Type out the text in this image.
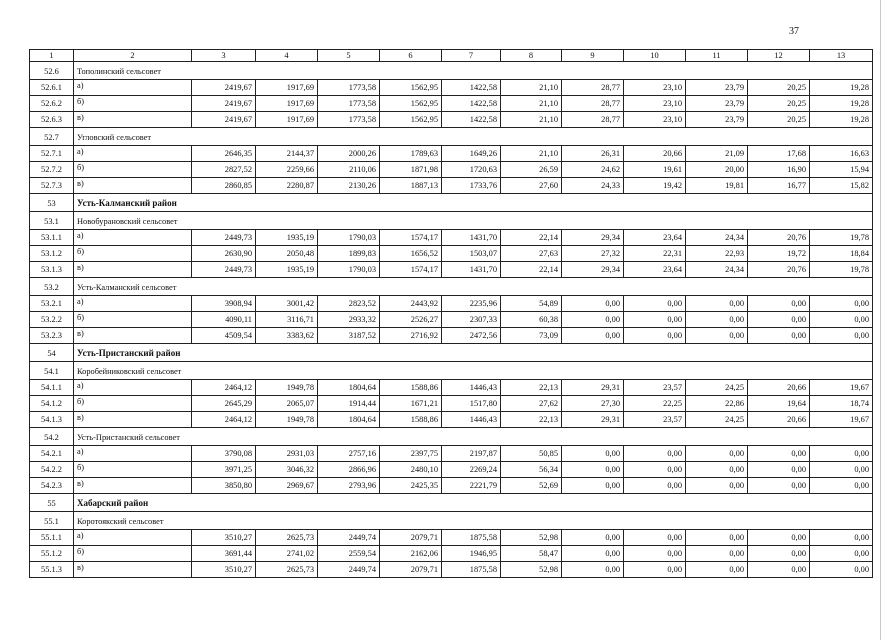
37
1	2	3	4	5	6	7	8	9	10	11	12	13
52.6	Тополинский сельсовет											
52.6.1	а)	2419,67	1917,69	1773,58	1562,95	1422,58	21,10	28,77	23,10	23,79	20,25	19,28
52.6.2	б)	2419,67	1917,69	1773,58	1562,95	1422,58	21,10	28,77	23,10	23,79	20,25	19,28
52.6.3	в)	2419,67	1917,69	1773,58	1562,95	1422,58	21,10	28,77	23,10	23,79	20,25	19,28
52.7	Угловский сельсовет											
52.7.1	а)	2646,35	2144,37	2000,26	1789,63	1649,26	21,10	26,31	20,66	21,09	17,68	16,63
52.7.2	б)	2827,52	2259,66	2110,06	1871,98	1720,63	26,59	24,62	19,61	20,00	16,90	15,94
52.7.3	в)	2860,85	2280,87	2130,26	1887,13	1733,76	27,60	24,33	19,42	19,81	16,77	15,82
53	Усть-Калманский район											
53.1	Новобурановский сельсовет											
53.1.1	а)	2449,73	1935,19	1790,03	1574,17	1431,70	22,14	29,34	23,64	24,34	20,76	19,78
53.1.2	б)	2630,90	2050,48	1899,83	1656,52	1503,07	27,63	27,32	22,31	22,93	19,72	18,84
53.1.3	в)	2449,73	1935,19	1790,03	1574,17	1431,70	22,14	29,34	23,64	24,34	20,76	19,78
53.2	Усть-Калманский сельсовет											
53.2.1	а)	3908,94	3001,42	2823,52	2443,92	2235,96	54,89	0,00	0,00	0,00	0,00	0,00
53.2.2	б)	4090,11	3116,71	2933,32	2526,27	2307,33	60,38	0,00	0,00	0,00	0,00	0,00
53.2.3	в)	4509,54	3383,62	3187,52	2716,92	2472,56	73,09	0,00	0,00	0,00	0,00	0,00
54	Усть-Пристанский район											
54.1	Коробейниковский сельсовет											
54.1.1	а)	2464,12	1949,78	1804,64	1588,86	1446,43	22,13	29,31	23,57	24,25	20,66	19,67
54.1.2	б)	2645,29	2065,07	1914,44	1671,21	1517,80	27,62	27,30	22,25	22,86	19,64	18,74
54.1.3	в)	2464,12	1949,78	1804,64	1588,86	1446,43	22,13	29,31	23,57	24,25	20,66	19,67
54.2	Усть-Пристанский сельсовет											
54.2.1	а)	3790,08	2931,03	2757,16	2397,75	2197,87	50,85	0,00	0,00	0,00	0,00	0,00
54.2.2	б)	3971,25	3046,32	2866,96	2480,10	2269,24	56,34	0,00	0,00	0,00	0,00	0,00
54.2.3	в)	3850,80	2969,67	2793,96	2425,35	2221,79	52,69	0,00	0,00	0,00	0,00	0,00
55	Хабарский район											
55.1	Коротоякский сельсовет											
55.1.1	а)	3510,27	2625,73	2449,74	2079,71	1875,58	52,98	0,00	0,00	0,00	0,00	0,00
55.1.2	б)	3691,44	2741,02	2559,54	2162,06	1946,95	58,47	0,00	0,00	0,00	0,00	0,00
55.1.3	в)	3510,27	2625,73	2449,74	2079,71	1875,58	52,98	0,00	0,00	0,00	0,00	0,00
